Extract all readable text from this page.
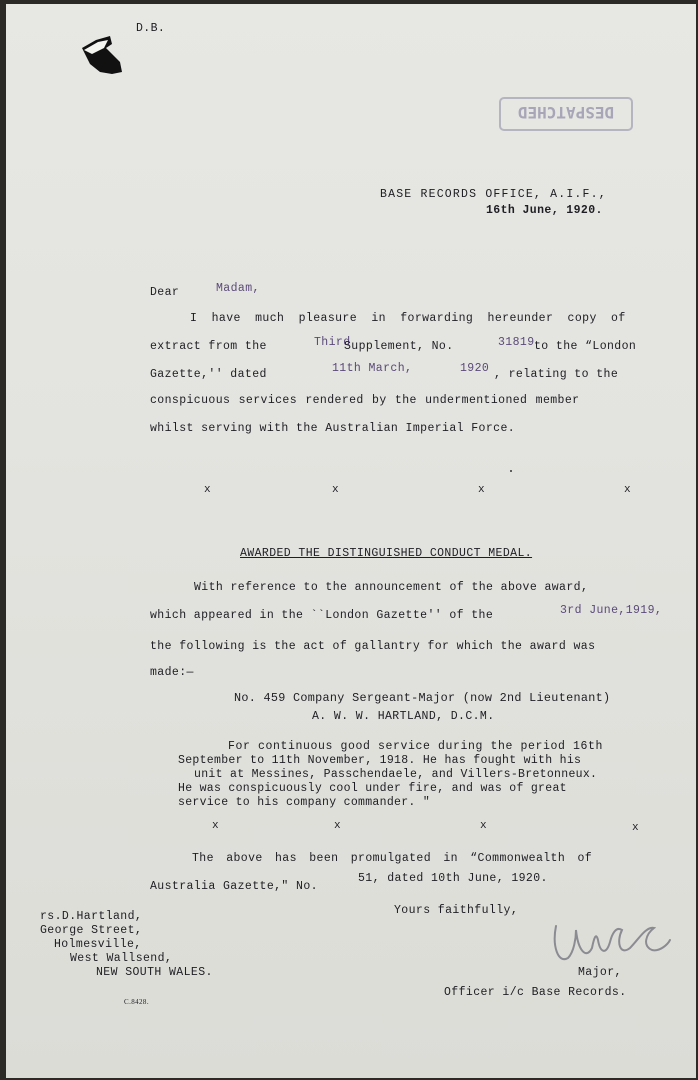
D.B.
DESPATCHED
BASE RECORDS OFFICE, A.I.F.,
16th June, 1920.
Dear	Madam,
I have much pleasure in forwarding hereunder copy of
extract from the	Third
Supplement, No.	31819 to the “London
Gazette,'' dated	11th March,	1920 , relating to the
conspicuous services rendered by the undermentioned member
whilst serving with the Australian Imperial Force.
x	x	x	x
AWARDED THE DISTINGUISHED CONDUCT MEDAL.
With reference to the announcement of the above award,
which appeared in the ``London Gazette'' of the	3rd June,1919,
the following is the act of gallantry for which the award was
made:—
No. 459 Company Sergeant-Major (now 2nd Lieutenant)
A. W. W. HARTLAND, D.C.M.
For continuous good service during the period 16th
September to 11th November, 1918. He has fought with his
unit at Messines, Passchendaele, and Villers-Bretonneux.
He was conspicuously cool under fire, and was of great
service to his company commander. "
x	x	x	x
The above has been promulgated in “Commonwealth of
Australia Gazette," No.
51, dated 10th June, 1920.
Yours faithfully,
Major,
Officer i/c Base Records.
rs.D.Hartland,
George Street,
Holmesville,
West Wallsend,
NEW SOUTH WALES.
C.8428.
